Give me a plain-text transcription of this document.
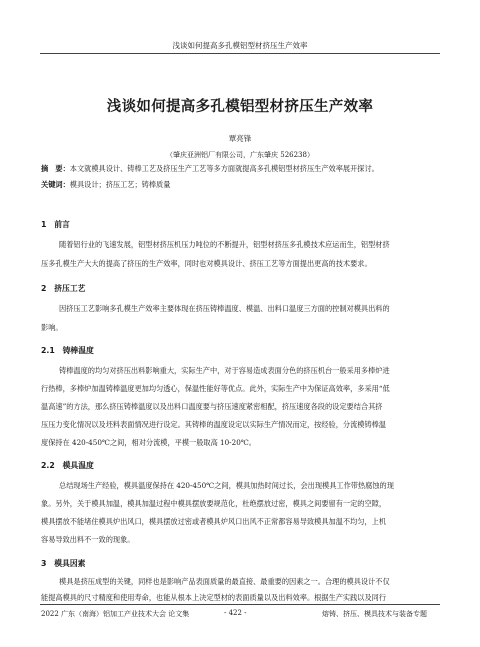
浅谈如何提高多孔模铝型材挤压生产效率
浅谈如何提高多孔模铝型材挤压生产效率
覃亮锋
（肇庆亚洲铝厂有限公司，广东肇庆 526238）
摘　要：本文就模具设计、铸棒工艺及挤压生产工艺等多方面就提高多孔模铝型材挤压生产效率展开探讨。
关键词：模具设计；挤压工艺；铸棒质量
1　前言
随着铝行业的飞速发展，铝型材挤压机压力吨位的不断提升，铝型材挤压多孔模技术应运而生，铝型材挤
压多孔模生产大大的提高了挤压的生产效率，同时也对模具设计、挤压工艺等方面提出更高的技术要求。
2　挤压工艺
因挤压工艺影响多孔模生产效率主要体现在挤压铸棒温度、模温、出料口温度三方面的控制对模具出料的
影响。
2.1　铸棒温度
铸棒温度的均匀对挤压出料影响重大，实际生产中，对于容易造成表面分色的挤压机台一般采用多棒炉进
行热棒，多棒炉加温铸棒温度更加均匀透心，保温性能好等优点。此外，实际生产中为保证高效率，多采用“低
温高速”的方法，那么挤压铸棒温度以及出料口温度要与挤压速度紧密相配，挤压速度各段的设定要结合其挤
压压力变化情况以及坯料表面情况进行设定。其铸棒的温度设定以实际生产情况而定，按经验，分流模铸棒温
度保持在 420-450℃之间，相对分流模，平模一般取高 10-20℃。
2.2　模具温度
总结现场生产经验，模具温度保持在 420-450℃之间，模具加热时间过长，会出现模具工作带热腐蚀的现
象。另外，关于模具加温，模具加温过程中模具摆放要规范化，杜绝摆放过密，模具之间要留有一定的空隙，
模具摆放不能堵住模具炉出风口，模具摆放过密或者模具炉风口出风不正常都容易导致模具加温不均匀，上机
容易导致出料不一致的现象。
3　模具因素
模具是挤压成型的关键，同样也是影响产品表面质量的最直接、最重要的因素之一。合理的模具设计不仅
能提高模具的尺寸精度和使用寿命，也能从根本上决定型材的表面质量以及出料效率。根据生产实践以及同行
2022 广东（南海）铝加工产业技术大会 论文集	- 422 -	熔铸、挤压、模具技术与装备专题
